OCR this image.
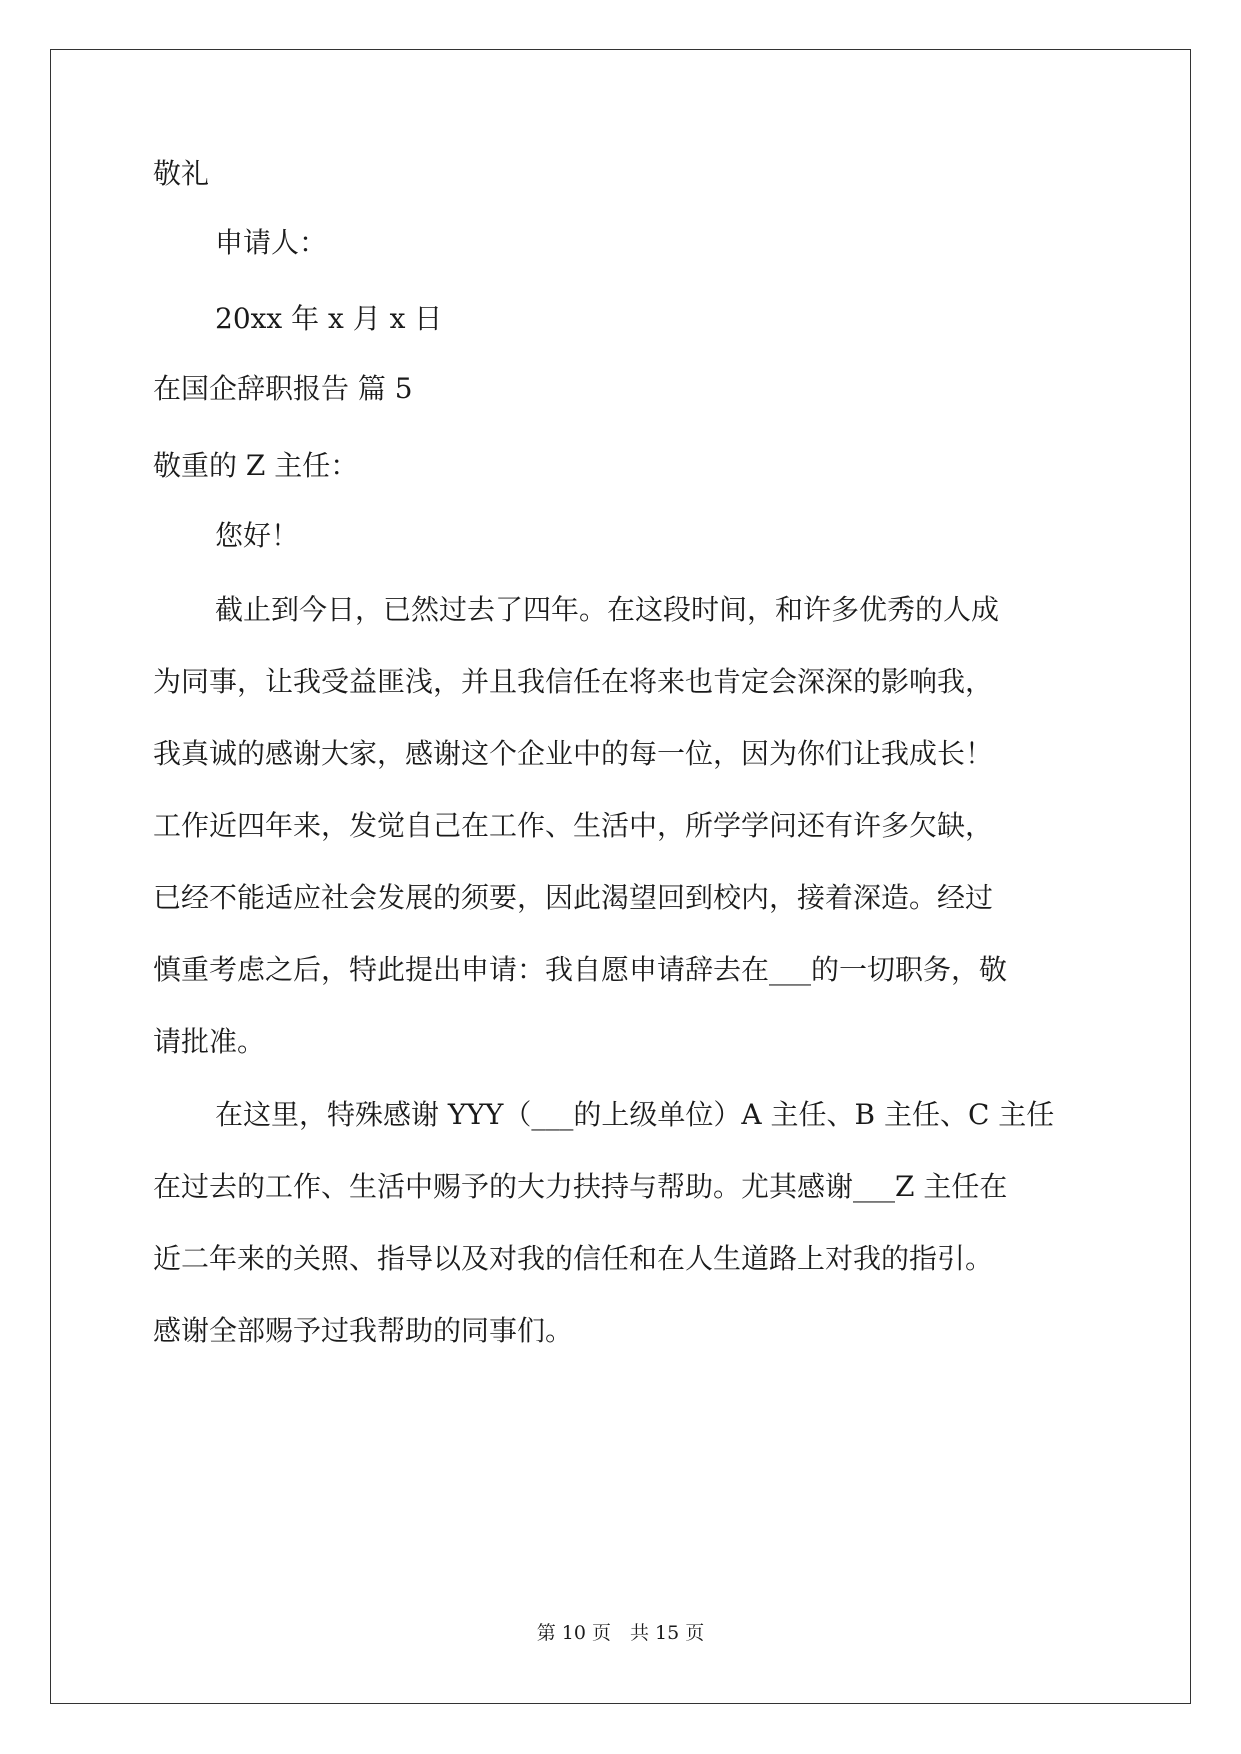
敬礼
申请人：
20xx 年 x 月 x 日
在国企辞职报告 篇 5
敬重的 Z 主任：
您好！
截止到今日，已然过去了四年。在这段时间，和许多优秀的人成
为同事，让我受益匪浅，并且我信任在将来也肯定会深深的影响我，
我真诚的感谢大家，感谢这个企业中的每一位，因为你们让我成长！
工作近四年来，发觉自己在工作、生活中，所学学问还有许多欠缺，
已经不能适应社会发展的须要，因此渴望回到校内，接着深造。经过
慎重考虑之后，特此提出申请：我自愿申请辞去在___的一切职务，敬
请批准。
在这里，特殊感谢 YYY（___的上级单位）A 主任、B 主任、C 主任
在过去的工作、生活中赐予的大力扶持与帮助。尤其感谢___Z 主任在
近二年来的关照、指导以及对我的信任和在人生道路上对我的指引。
感谢全部赐予过我帮助的同事们。
第 10 页　共 15 页
